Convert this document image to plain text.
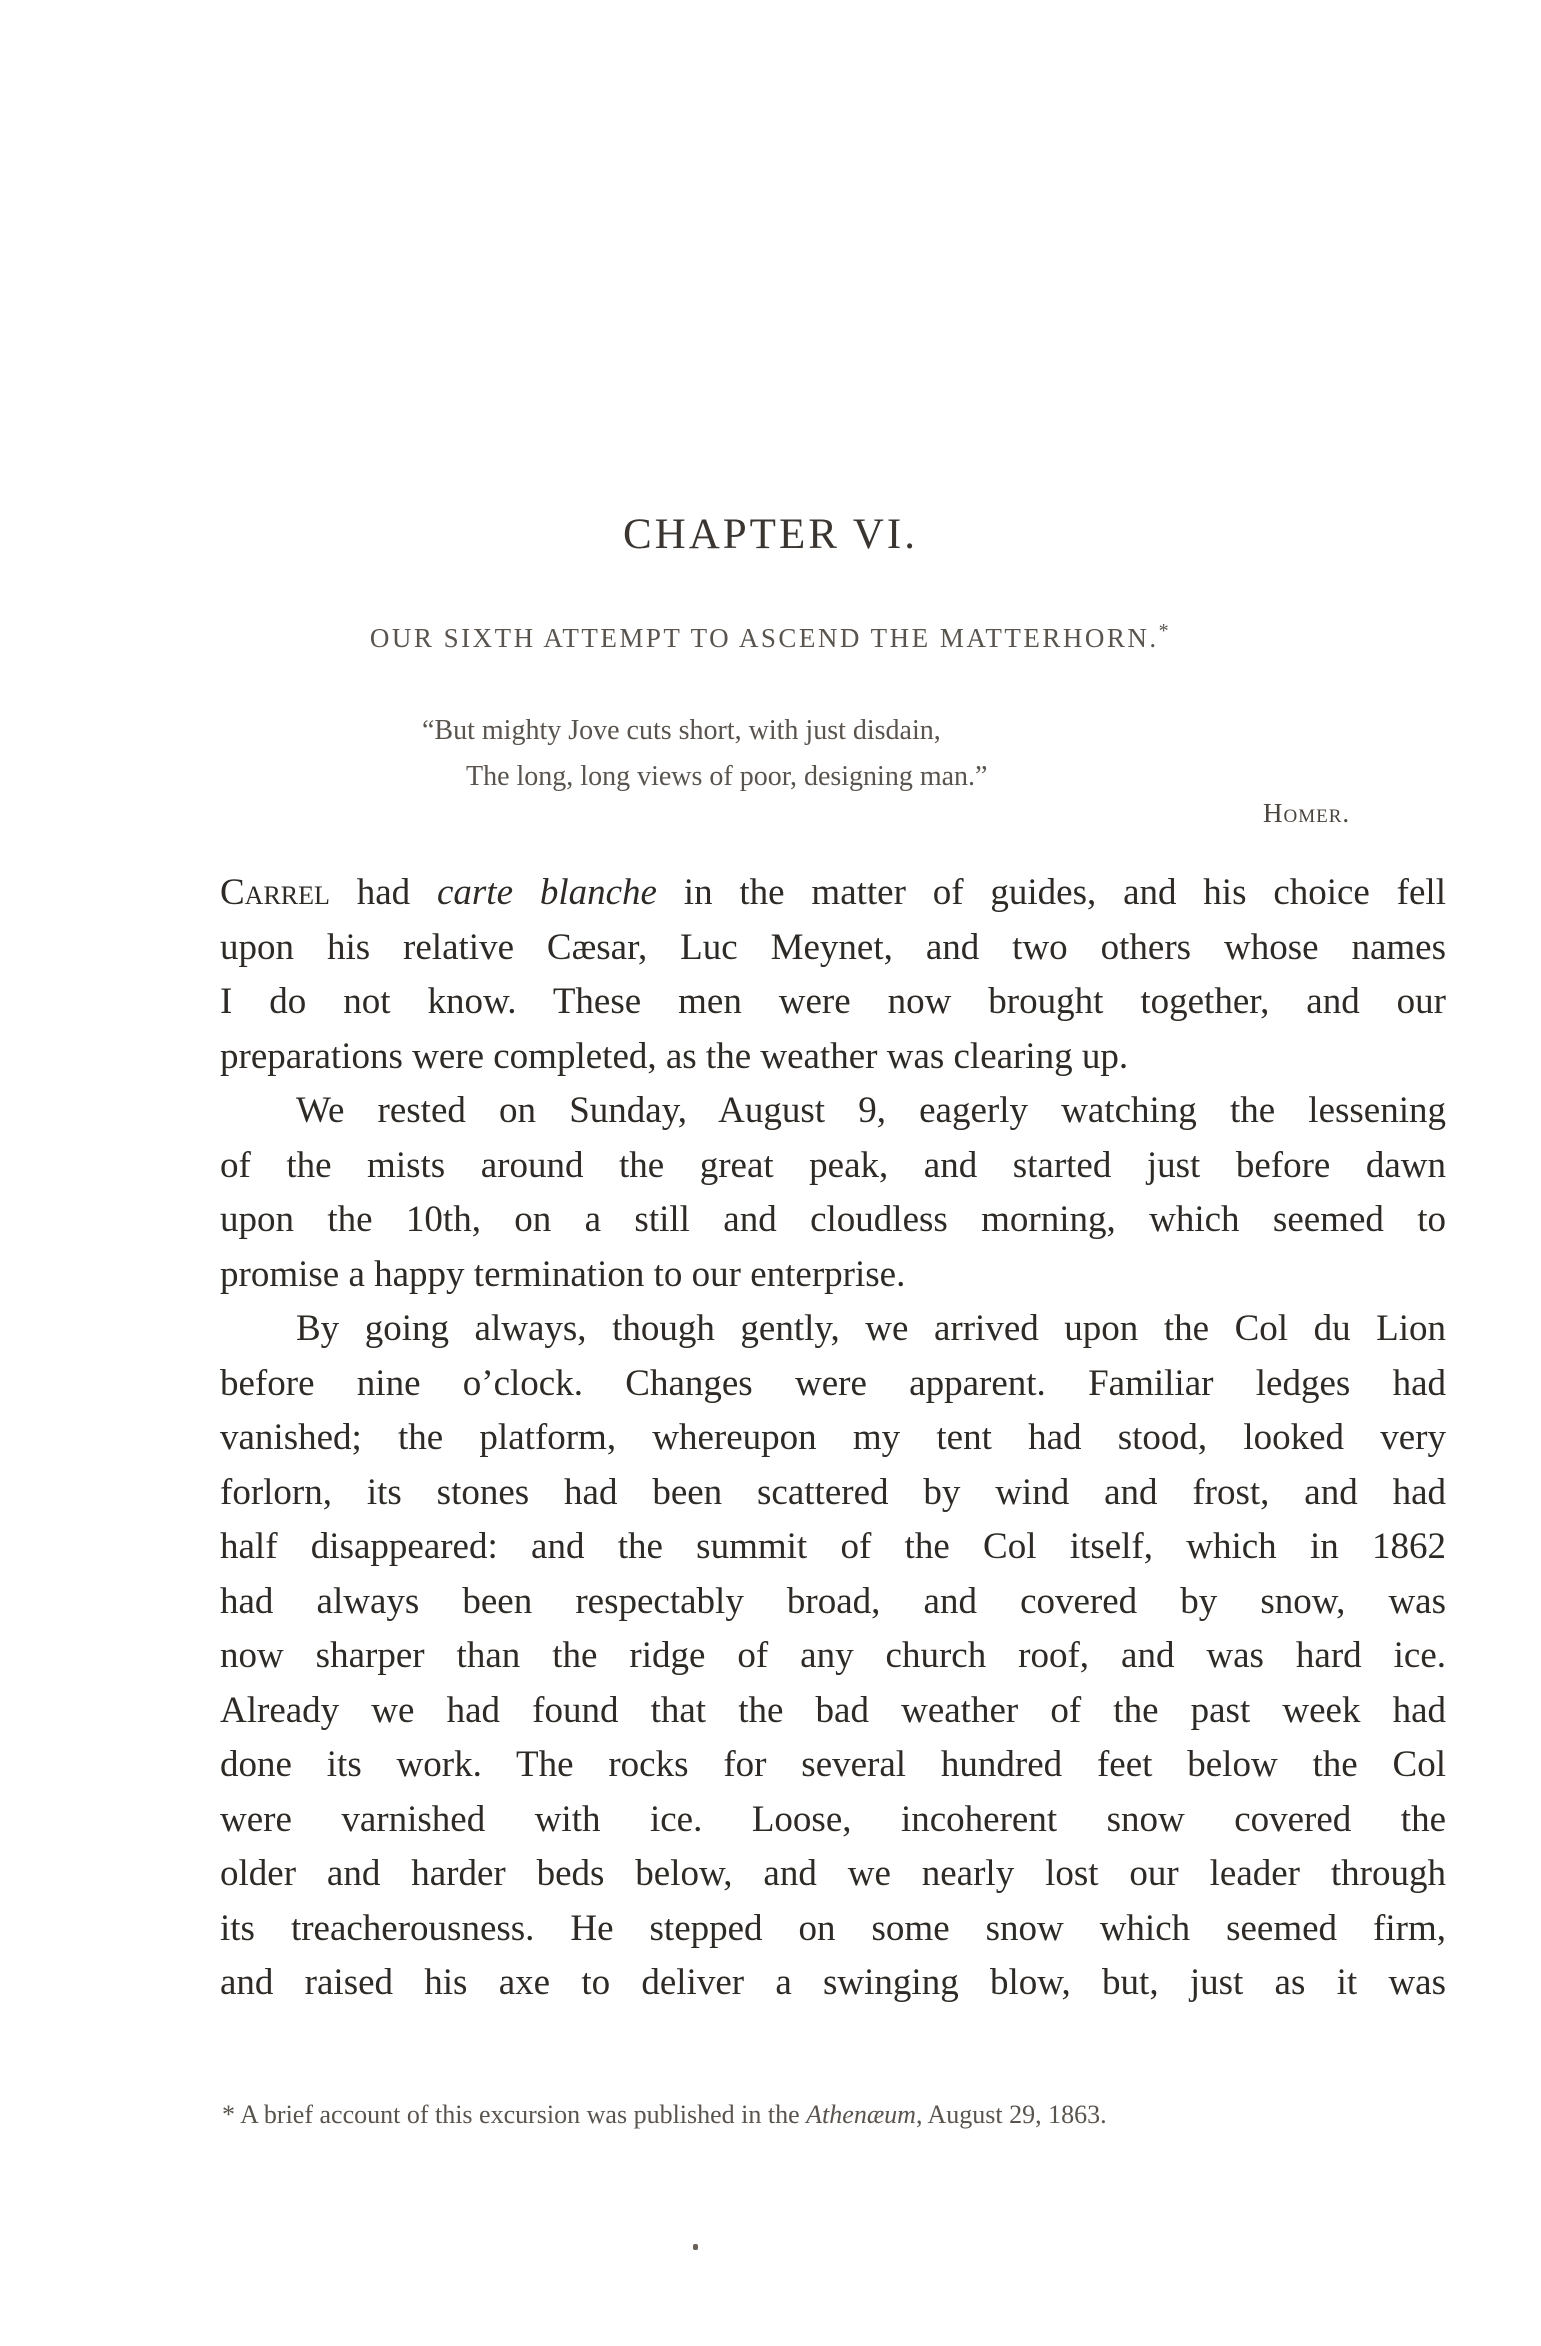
CHAPTER VI.
OUR SIXTH ATTEMPT TO ASCEND THE MATTERHORN.*
“But mighty Jove cuts short, with just disdain,
The long, long views of poor, designing man.”
Homer.
Carrel had carte blanche in the matter of guides, and his choice fell
upon his relative Cæsar, Luc Meynet, and two others whose names
I do not know. These men were now brought together, and our
preparations were completed, as the weather was clearing up.
We rested on Sunday, August 9, eagerly watching the lessening
of the mists around the great peak, and started just before dawn
upon the 10th, on a still and cloudless morning, which seemed to
promise a happy termination to our enterprise.
By going always, though gently, we arrived upon the Col du Lion
before nine o’clock. Changes were apparent. Familiar ledges had
vanished; the platform, whereupon my tent had stood, looked very
forlorn, its stones had been scattered by wind and frost, and had
half disappeared: and the summit of the Col itself, which in 1862
had always been respectably broad, and covered by snow, was
now sharper than the ridge of any church roof, and was hard ice.
Already we had found that the bad weather of the past week had
done its work. The rocks for several hundred feet below the Col
were varnished with ice. Loose, incoherent snow covered the
older and harder beds below, and we nearly lost our leader through
its treacherousness. He stepped on some snow which seemed firm,
and raised his axe to deliver a swinging blow, but, just as it was
* A brief account of this excursion was published in the Athenæum, August 29, 1863.
